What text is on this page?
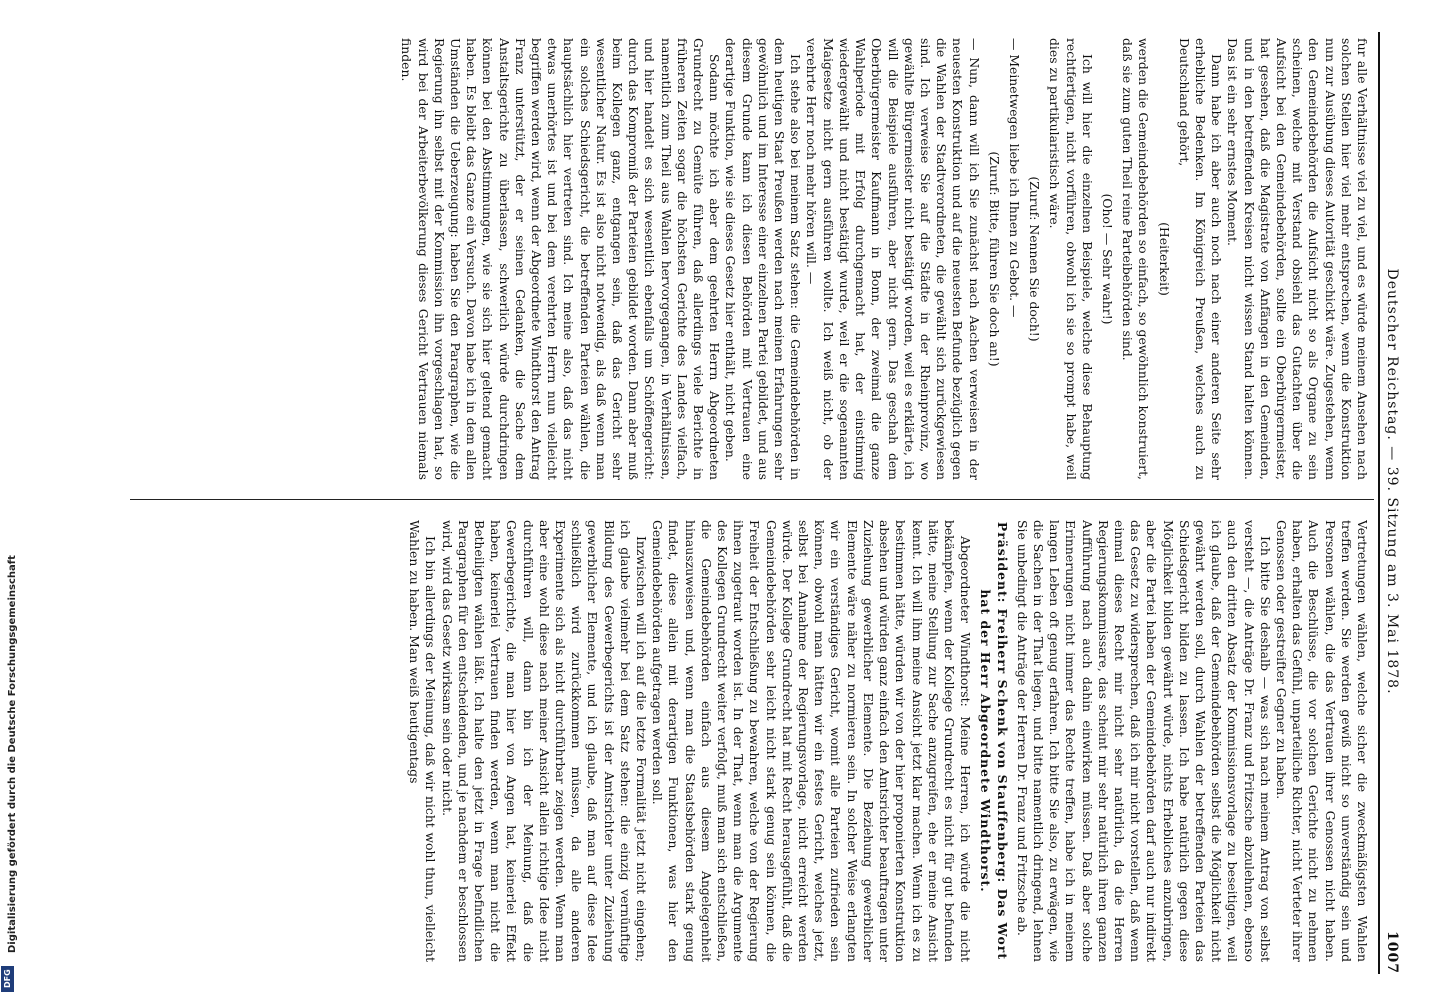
Digitalisierung gefördert durch die Deutsche Forschungsgemeinschaft
DFG
Deutscher Reichstag. — 39. Sitzung am 3. Mai 1878.
1007

fur alle Verhältnisse viel zu viel, und es würde meinem Ansehen nach solchen Stellen hier viel mehr entsprechen, wenn die Konstruktion nun zur Ausübung dieses Autorität geschickt wäre. Zugestehen, wenn den Gemeindebehörden die Aufsicht nicht so als Organe zu sein scheinen, welche mit Verstand obsiehl das Gutachten über die Aufsicht bei den Gemeindebehörden, sollte ein Oberbürgermeister, hat gesehen, daß die Magistrate von Anfängen in den Gemeinden, und in den betreffenden Kreisen nicht wissen Stand halten können. Das ist ein sehr ernstes Moment.

Dann habe ich aber auch noch nach einer anderen Seite sehr erhebliche Bedenken. Im Königreich Preußen, welches auch zu Deutschland gehört,

(Heiterkeit)

werden die Gemeindebehörden so einfach, so gewöhnlich konstruiert, daß sie zum guten Theil reine Parteibehörden sind.

(Oho! — Sehr wahr!)

Ich will hier die einzelnen Beispiele, welche diese Behauptung rechtfertigen, nicht vorführen, obwohl ich sie so prompt habe, weil dies zu partikularistisch wäre.

(Zuruf: Nennen Sie doch!)

— Meinetwegen liebe ich Ihnen zu Gebot. —

(Zuruf: Bitte, führen Sie doch an!)

— Nun, dann will ich Sie zunächst nach Aachen verweisen in der neuesten Konstruktion und auf die neuesten Befunde bezüglich gegen die Wahlen der Stadtverordneten, die gewählt sich zurückgewiesen sind. Ich verweise Sie auf die Städte in der Rheinprovinz, wo gewählte Bürgermeister nicht bestätigt worden, weil es erklärte, ich will die Beispiele ausführen, aber nicht gern. Das geschah dem Oberbürgermeister Kaufmann in Bonn, der zweimal die ganze Wahlperiode mit Erfolg durchgemacht hat, der einstimmig wiedergewählt und nicht bestätigt wurde, weil er die sogenannten Maigesetze nicht gern ausführen wollte. Ich weiß nicht, ob der verehrte Herr noch mehr hören will. —

Ich stehe also bei meinem Satz stehen: die Gemeindebehörden in dem heutigen Staat Preußen werden nach meinen Erfahrungen sehr gewöhnlich und im Interesse einer einzelnen Partei gebildet, und aus diesem Grunde kann ich diesen Behörden mit Vertrauen eine derartige Funktion, wie sie dieses Gesetz hier enthält, nicht geben.

Sodann möchte ich aber dem geehrten Herrn Abgeordneten Grundrecht zu Gemüte führen, daß allerdings viele Berichte in früheren Zeiten sogar die höchsten Gerichte des Landes vielfach, namentlich zum Theil aus Wahlen hervorgegangen, in Verhältnissen, und hier handelt es sich wesentlich ebenfalls um Schöffengericht: durch das Kompromiß der Parteien gebildet worden. Dann aber muß beim Kollegen ganz, entgangen sein, daß das Gericht sehr wesentlicher Natur. Es ist also nicht notwendig, als daß wenn man ein solches Schiedsgericht, die betreffenden Parteien wählen, die hauptsächlich hier vertreten sind. Ich meine also, daß das nicht etwas unerhörtes ist und bei dem verehrten Herrn nun vielleicht begriffen werden wird, wenn der Abgeordnete Windthorst den Antrag Franz unterstützt, der er seinen Gedanken, die Sache dem Anstaltsgerichte zu überlassen, schwerlich würde durchdringen können bei den Abstimmungen, wie sie sich hier geltend gemacht haben. Es bleibt das Ganze ein Versuch. Davon habe ich in dem allen Umständen die Ueberzeugung: haben Sie den Paragraphen, wie die Regierung ihn selbst mit der Kommission ihn vorgeschlagen hat, so wird bei der Arbeiterbevölkerung dieses Gericht Vertrauen niemals finden.

Vertretungen wählen, welche sicher die zweckmäßigsten Wahlen treffen werden. Sie werden gewiß nicht so unverständig sein und Personen wählen, die das Vertrauen ihrer Genossen nicht haben. Auch die Beschlüsse, die vor solchen Gerichte nicht zu nehmen haben, erhalten das Gefühl, unparteiliche Richter, nicht Verteter ihrer Genossen oder gestreifter Gegner zu haben.

Ich bitte Sie deshalb — was sich nach meinem Antrag von selbst versteht —, die Anträge Dr. Franz und Fritzsche abzulehnen, ebenso auch den dritten Absatz der Kommissionsvorlage zu beseitigen, weil ich glaube, daß der Gemeindebehörden selbst die Möglichkeit nicht gewährt werden soll, durch Wahlen der betreffenden Parteien das Schiedsgericht bilden zu lassen. Ich habe natürlich gegen diese Möglichkeit bilden gewährt würde, nichts Erhebliches anzubringen, aber die Partei haben der Gemeindebehörden darf auch nur indirekt das Gesetz zu widersprechen, daß ich mir nicht vorstellen, daß wenn einmal dieses Recht mir nicht sehr natürlich, da die Herren Regierungskommissare, das scheint mir sehr natürlich ihren ganzen Aufführung nach auch dahin einwirken müssen. Daß aber solche Erinnerungen nicht immer das Rechte treffen, habe ich in meinem langen Leben oft genug erfahren. Ich bitte Sie also, zu erwägen, wie die Sachen in der That liegen, und bitte namentlich dringend, lehnen Sie unbedingt die Anträge der Herren Dr. Franz und Fritzsche ab.

Präsident: Freiherr Schenk von Stauffenberg: Das Wort hat der Herr Abgeordnete Windthorst.

Abgeordneter Windthorst: Meine Herren, ich würde die nicht bekämpfen, wenn der Kollege Grundrecht es nicht für gut befunden hätte, meine Stellung zur Sache anzugreifen, ehe er meine Ansicht kennt. Ich will ihm meine Ansicht jetzt klar machen. Wenn ich es zu bestimmen hätte, würden wir von der hier proponierten Konstruktion absehen und würden ganz einfach den Amtsrichter beauftragen unter Zuziehung gewerblicher Elemente. Die Beziehung gewerblicher Elemente wäre näher zu normieren sein. In solcher Weise erlangten wir ein verständiges Gericht, womit alle Parteien zufrieden sein können, obwohl man hätten wir ein festes Gericht, welches jetzt, selbst bei Annahme der Regierungsvorlage, nicht erreicht werden würde. Der Kollege Grundrecht hat mit Recht herausgefühlt, daß die Gemeindebehörden sehr leicht nicht stark genug sein können, die Freiheit der Entschließung zu bewahren, welche von der Regierung ihnen zugetraut worden ist. In der That, wenn man die Argumente des Kollegen Grundrecht weiter verfolgt, muß man sich entschließen, die Gemeindebehörden einfach aus diesem Angelegenheit hinauszuweisen und, wenn man die Staatsbehörden stark genug findet, diese allein mit derartigen Funktionen, was hier den Gemeindebehörden aufgetragen werden soll.

Inzwischen will ich auf die letzte Formalität jetzt nicht eingehen; ich glaube vielmehr bei dem Satz stehen: die einzig vernünftige Bildung des Gewerbegerichts ist der Amtsrichter unter Zuziehung gewerblicher Elemente, und ich glaube, daß man auf diese Idee schließlich wird zurückkommen müssen, da alle anderen Experimente sich als nicht durchführbar zeigen werden. Wenn man aber eine wohl diese nach meiner Ansicht allein richtige Idee nicht durchführen will, dann bin ich der Meinung, daß die Gewerbegerichte, die man hier von Angen hat, keinerlei Effekt haben, keinerlei Vertrauen finden werden, wenn man nicht die Betheiligten wählen läßt. Ich halte den jetzt in Frage befindlichen Paragraphen für den entscheidenden, und je nachdem er beschlossen wird, wird das Gesetz wirksam sein oder nicht.

Ich bin allerdings der Meinung, daß wir nicht wohl thun, vielleicht Wahlen zu haben. Man weiß heutigentags
